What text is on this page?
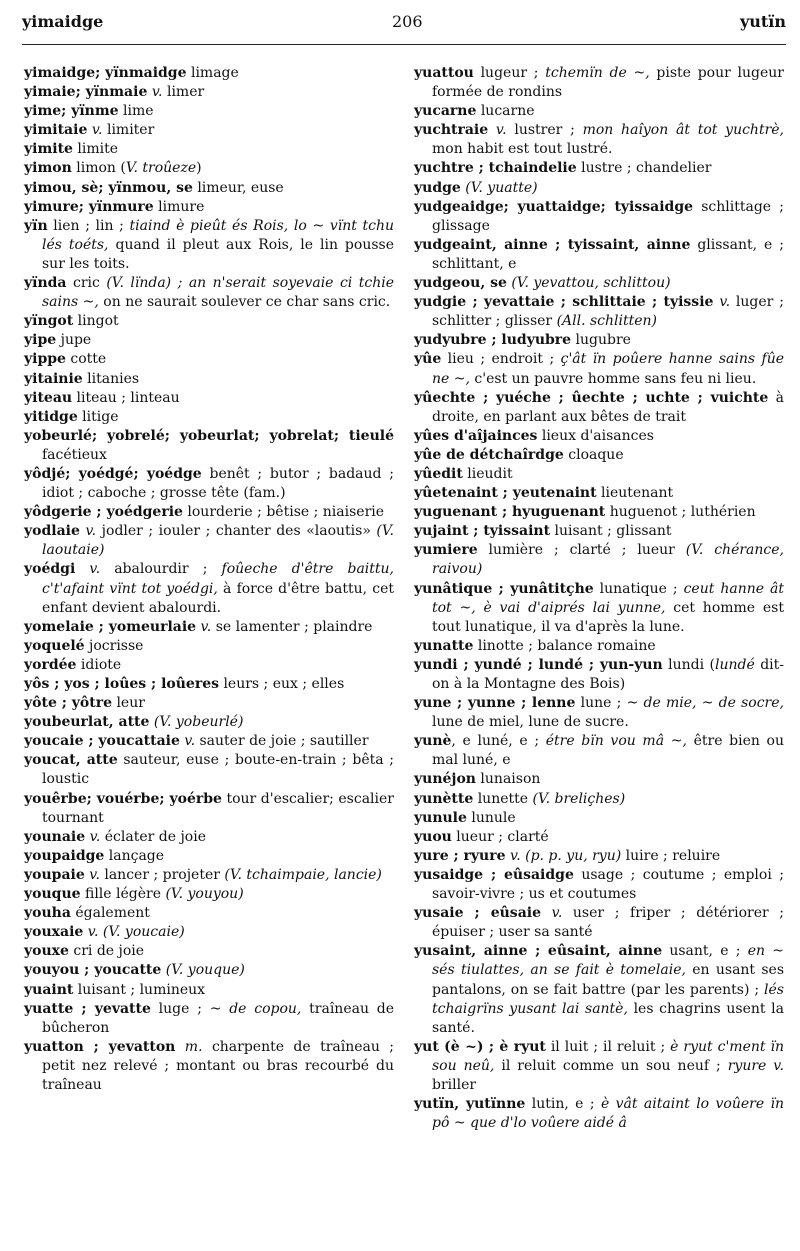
yimaidge	206	yutïn

yimaidge; yïnmaidge limage

yimaie; yïnmaie v. limer

yime; yïnme lime

yimitaie v. limiter

yimite limite

yimon limon (V. troûeze)

yimou, sè; yïnmou, se limeur, euse

yimure; yïnmure limure

yïn lien ; lin ; tiaind è pieût és Rois, lo ~ vïnt tchu lés toéts, quand il pleut aux Rois, le lin pousse sur les toits.

yïnda cric (V. lïnda) ; an n'serait soyevaie ci tchie sains ~, on ne saurait soulever ce char sans cric.

yïngot lingot

yipe jupe

yippe cotte

yitainie litanies

yiteau liteau ; linteau

yitidge litige

yobeurlé; yobrelé; yobeurlat; yobrelat; tieulé facétieux

yôdjé; yoédgé; yoédge benêt ; butor ; badaud ; idiot ; caboche ; grosse tête (fam.)

yôdgerie ; yoédgerie lourderie ; bêtise ; niaiserie

yodlaie v. jodler ; iouler ; chanter des «laoutis» (V. laoutaie)

yoédgi v. abalourdir ; foûeche d'être baittu, c't'afaint vïnt tot yoédgi, à force d'être battu, cet enfant devient abalourdi.

yomelaie ; yomeurlaie v. se lamenter ; plaindre

yoquelé jocrisse

yordée idiote

yôs ; yos ; loûes ; loûeres leurs ; eux ; elles

yôte ; yôtre leur

youbeurlat, atte (V. yobeurlé)

youcaie ; youcattaie v. sauter de joie ; sautiller

youcat, atte sauteur, euse ; boute-en-train ; bêta ; loustic

youêrbe; vouérbe; yoérbe tour d'escalier; escalier tournant

younaie v. éclater de joie

youpaidge lançage

youpaie v. lancer ; projeter (V. tchaimpaie, lancie)

youque fille légère (V. youyou)

youha également

youxaie v. (V. youcaie)

youxe cri de joie

youyou ; youcatte (V. youque)

yuaint luisant ; lumineux

yuatte ; yevatte luge ; ~ de copou, traîneau de bûcheron

yuatton ; yevatton m. charpente de traîneau ; petit nez relevé ; montant ou bras recourbé du traîneau

yuattou lugeur ; tchemïn de ~, piste pour lugeur formée de rondins

yucarne lucarne

yuchtraie v. lustrer ; mon haîyon ât tot yuchtrè, mon habit est tout lustré.

yuchtre ; tchaindelie lustre ; chandelier

yudge (V. yuatte)

yudgeaidge; yuattaidge; tyissaidge schlittage ; glissage

yudgeaint, ainne ; tyissaint, ainne glissant, e ; schlittant, e

yudgeou, se (V. yevattou, schlittou)

yudgie ; yevattaie ; schlittaie ; tyissie v. luger ; schlitter ; glisser (All. schlitten)

yudyubre ; ludyubre lugubre

yûe lieu ; endroit ; ç'ât ïn poûere hanne sains fûe ne ~, c'est un pauvre homme sans feu ni lieu.

yûechte ; yuéche ; ûechte ; uchte ; vuichte à droite, en parlant aux bêtes de trait

yûes d'aîjainces lieux d'aisances

yûe de détchaîrdge cloaque

yûedit lieudit

yûetenaint ; yeutenaint lieutenant

yuguenant ; hyuguenant huguenot ; luthérien

yujaint ; tyissaint luisant ; glissant

yumiere lumière ; clarté ; lueur (V. chérance, raivou)

yunâtique ; yunâtitçhe lunatique ; ceut hanne ât tot ~, è vai d'aiprés lai yunne, cet homme est tout lunatique, il va d'après la lune.

yunatte linotte ; balance romaine

yundi ; yundé ; lundé ; yun-yun lundi (lundé dit-on à la Montagne des Bois)

yune ; yunne ; lenne lune ; ~ de mie, ~ de socre, lune de miel, lune de sucre.

yunè, e luné, e ; étre bïn vou mâ ~, être bien ou mal luné, e

yunéjon lunaison

yunètte lunette (V. breliçhes)

yunule lunule

yuou lueur ; clarté

yure ; ryure v. (p. p. yu, ryu) luire ; reluire

yusaidge ; eûsaidge usage ; coutume ; emploi ; savoir-vivre ; us et coutumes

yusaie ; eûsaie v. user ; friper ; détériorer ; épuiser ; user sa santé

yusaint, ainne ; eûsaint, ainne usant, e ; en ~ sés tiulattes, an se fait è tomelaie, en usant ses pantalons, on se fait battre (par les parents) ; lés tchaigrïns yusant lai santè, les chagrins usent la santé.

yut (è ~) ; è ryut il luit ; il reluit ; è ryut c'ment ïn sou neû, il reluit comme un sou neuf ; ryure v. briller

yutïn, yutïnne lutin, e ; è vât aitaint lo voûere ïn pô ~ que d'lo voûere aidé â
